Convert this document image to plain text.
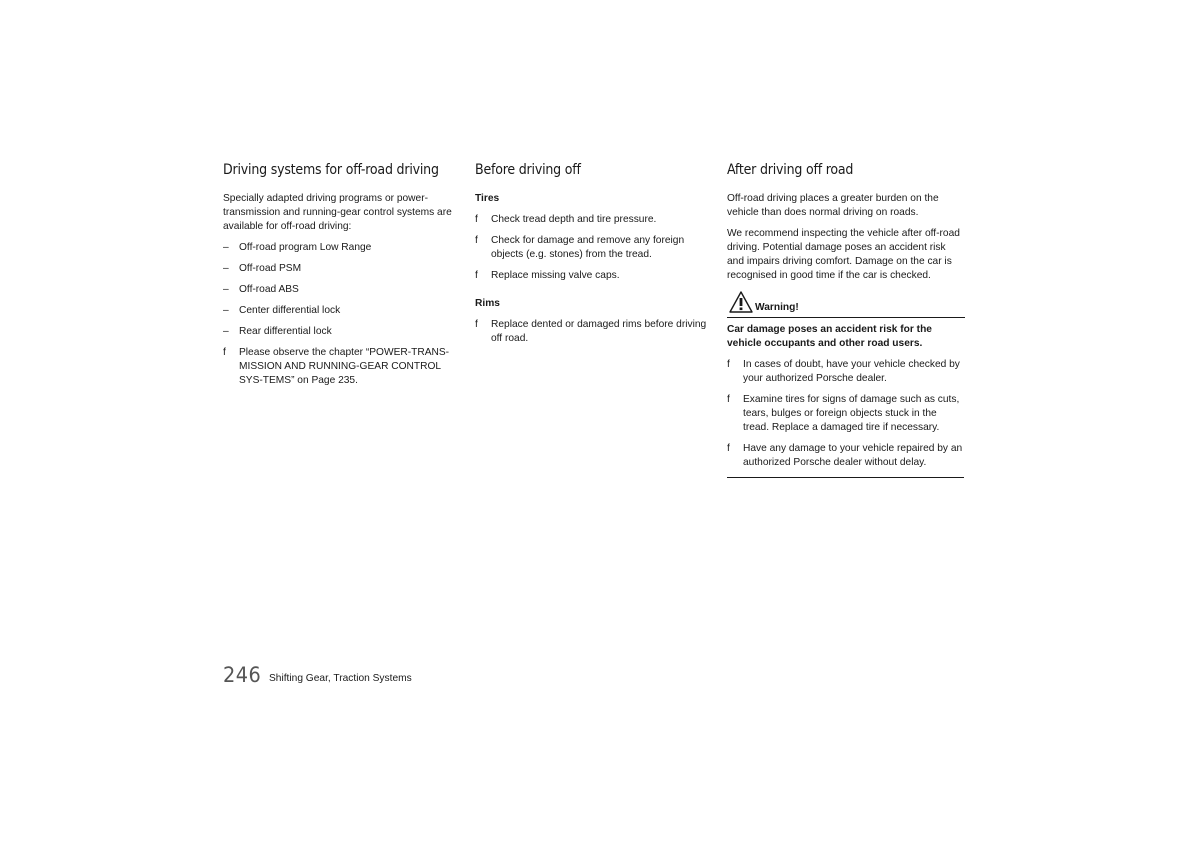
Driving systems for off-road driving

Specially adapted driving programs or power-transmission and running-gear control systems are available for off-road driving:

–	Off-road program Low Range
–	Off-road PSM
–	Off-road ABS
–	Center differential lock
–	Rear differential lock
f	Please observe the chapter “POWER-TRANS-MISSION AND RUNNING-GEAR CONTROL SYS-TEMS” on Page 235.
Before driving off
Tires
f	Check tread depth and tire pressure.
f	Check for damage and remove any foreign objects (e.g. stones) from the tread.
f	Replace missing valve caps.
Rims
f	Replace dented or damaged rims before driving off road.
After driving off road

Off-road driving places a greater burden on the vehicle than does normal driving on roads.

We recommend inspecting the vehicle after off-road driving. Potential damage poses an accident risk and impairs driving comfort. Damage on the car is recognised in good time if the car is checked.

Warning!
Car damage poses an accident risk for the vehicle occupants and other road users.
f	In cases of doubt, have your vehicle checked by your authorized Porsche dealer.
f	Examine tires for signs of damage such as cuts, tears, bulges or foreign objects stuck in the tread. Replace a damaged tire if necessary.
f	Have any damage to your vehicle repaired by an authorized Porsche dealer without delay.
246 Shifting Gear, Traction Systems
